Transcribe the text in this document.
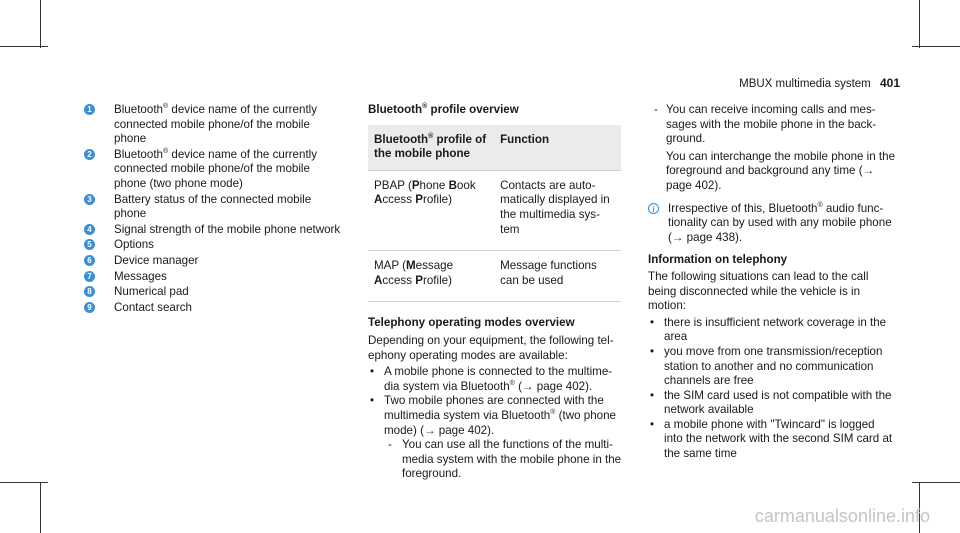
MBUX multimedia system 401
1 Bluetooth® device name of the currently connected mobile phone/of the mobile phone
2 Bluetooth® device name of the currently connected mobile phone/of the mobile phone (two phone mode)
3 Battery status of the connected mobile phone
4 Signal strength of the mobile phone network
5 Options
6 Device manager
7 Messages
8 Numerical pad
9 Contact search

Bluetooth® profile overview

Bluetooth® profile of the mobile phone	Function
PBAP (Phone Book
Access Profile)	Contacts are auto-matically displayed in the multimedia sys-tem
MAP (Message
Access Profile)	Message functions can be used

Telephony operating modes overview

Depending on your equipment, the following tel-ephony operating modes are available:

• A mobile phone is connected to the multime-dia system via Bluetooth® (→ page 402).
• Two mobile phones are connected with the multimedia system via Bluetooth® (two phone mode) (→ page 402).
- You can use all the functions of the multi-media system with the mobile phone in the foreground.
- You can receive incoming calls and mes-sages with the mobile phone in the back-ground.

You can interchange the mobile phone in the foreground and background any time (→ page 402).

i	Irrespective of this, Bluetooth® audio func-tionality can by used with any mobile phone (→ page 438).

Information on telephony

The following situations can lead to the call being disconnected while the vehicle is in motion:

• there is insufficient network coverage in the area
• you move from one transmission/reception station to another and no communication channels are free
• the SIM card used is not compatible with the network available
• a mobile phone with "Twincard" is logged into the network with the second SIM card at the same time
carmanualsonline.info
